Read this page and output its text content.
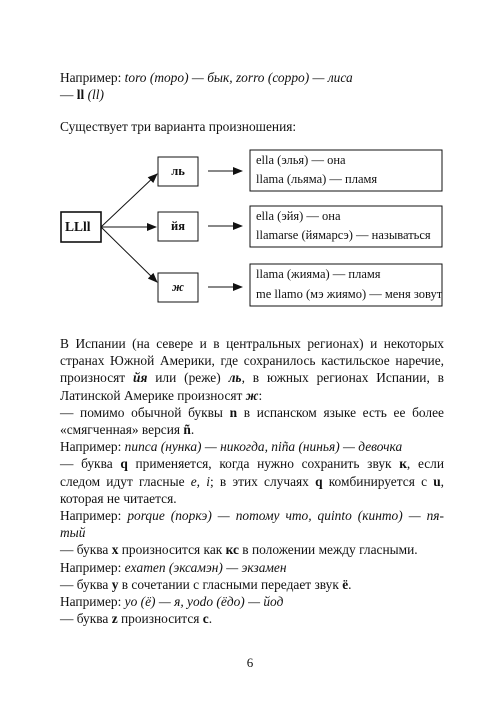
Например: toro (торо) — бык, zorro (сорро) — лиса
— ll (ll)
Существует три варианта произношения:
LLll
ль
йя
ж
ella (элья) — она
llama (льяма) — пламя
ella (эйя) — она
llamarse (йямарсэ) — называться
llama (жияма) — пламя
me llamo (мэ жиямо) — меня зовут
В Испании (на севере и в центральных регионах) и некоторых странах Южной Америки, где сохранилось кастильское наречие, произносят йя или (реже) ль, в южных регионах Испании, в Латинской Америке произносят ж:
— помимо обычной буквы n в испанском языке есть ее более «смягченная» версия ñ.
Например: nunca (нунка) — никогда, niña (нинья) — девочка
— буква q применяется, когда нужно сохранить звук к, если следом идут гласные e, i; в этих случаях q комбинируется с u, которая не читается.

Например: porque (поркэ) — потому что, quinto (кинто) — пя-
тый
— буква x произносится как кс в положении между гласными.
Например: examen (эксамэн) — экзамен
— буква y в сочетании с гласными передает звук ё.
Например: yo (ё) — я, yodo (ёдо) — йод
— буква z произносится с.
6
